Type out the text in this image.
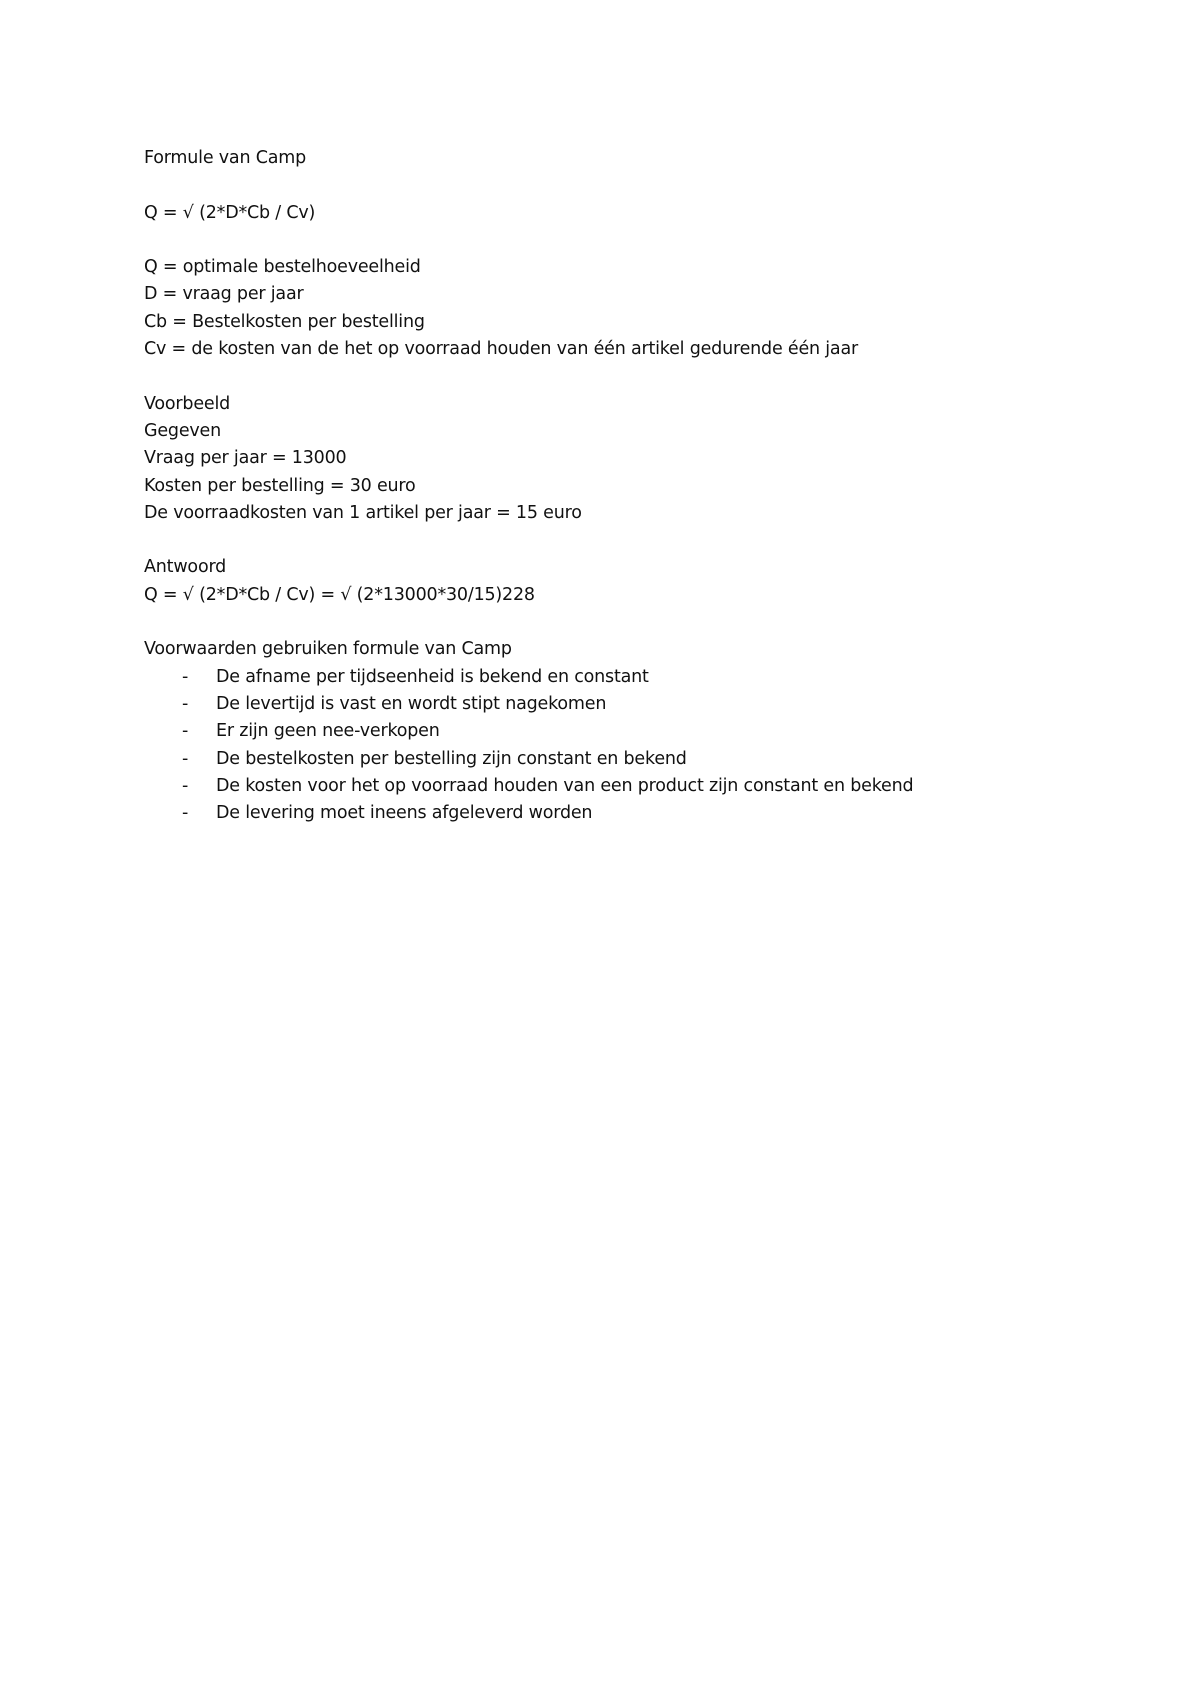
Formule van Camp
Q = √ (2*D*Cb / Cv)
Q = optimale bestelhoeveelheid
D = vraag per jaar
Cb = Bestelkosten per bestelling
Cv = de kosten van de het op voorraad houden van één artikel gedurende één jaar
Voorbeeld
Gegeven
Vraag per jaar = 13000
Kosten per bestelling = 30 euro
De voorraadkosten van 1 artikel per jaar = 15 euro
Antwoord
Q = √ (2*D*Cb / Cv) = √ (2*13000*30/15)228
Voorwaarden gebruiken formule van Camp
- De afname per tijdseenheid is bekend en constant
- De levertijd is vast en wordt stipt nagekomen
- Er zijn geen nee-verkopen
- De bestelkosten per bestelling zijn constant en bekend
- De kosten voor het op voorraad houden van een product zijn constant en bekend
- De levering moet ineens afgeleverd worden
